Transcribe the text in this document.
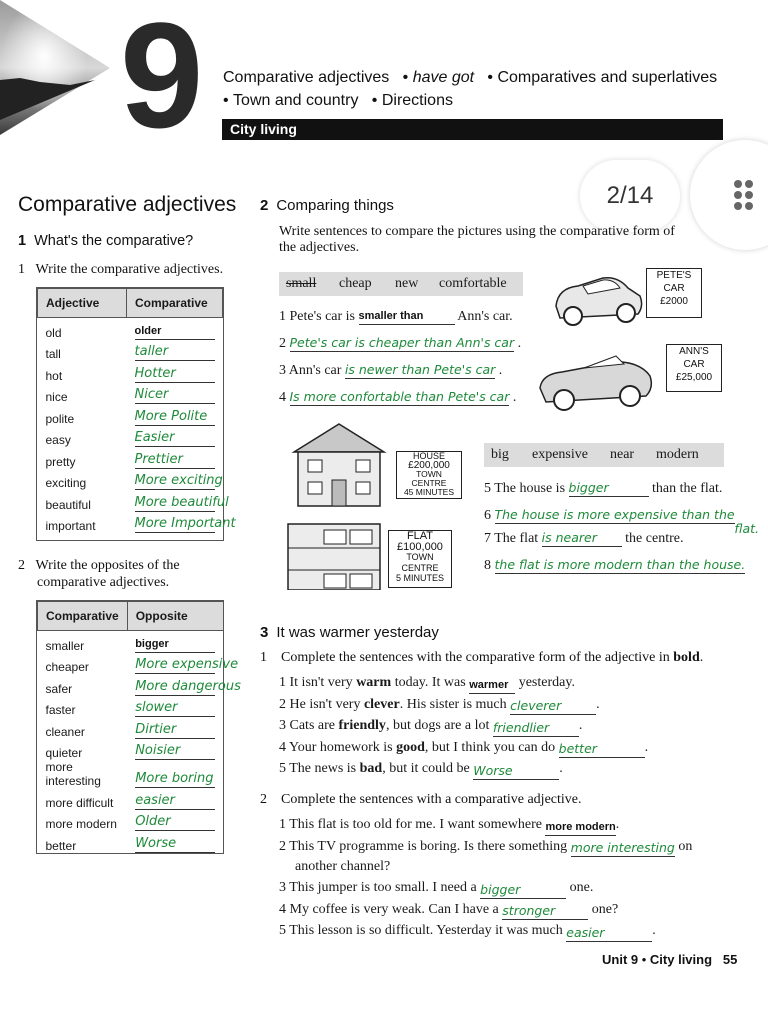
9 Comparative adjectives   • have got   • Comparatives and superlatives
• Town and country   • Directions
City living
2/14
Comparative adjectives
1 What's the comparative?
1 Write the comparative adjectives.
Adjective	Comparative
old	older
tall	taller
hot	Hotter
nice	Nicer
polite	More Polite
easy	Easier
pretty	Prettier
exciting	More exciting
beautiful	More beautiful
important	More Important
2 Write the opposites of the
comparative adjectives.
Comparative	Opposite
smaller	bigger
cheaper	More expensive
safer	More dangerous
faster	slower
cleaner	Dirtier
quieter	Noisier
more interesting	More boring
more difficult	easier
more modern	Older
better	Worse
2 Comparing things
Write sentences to compare the pictures using the comparative form of
the adjectives.
small cheap new comfortable
1 Pete's car is smaller than Ann's car.
2 Pete's car is cheaper than Ann's car .
3 Ann's car is newer than Pete's car .
4 Is more confortable than Pete's car .
PETE'S
CAR
£2000
ANN'S
CAR
£25,000
HOUSE
£200,000
TOWN
CENTRE
45 MINUTES
FLAT
£100,000
TOWN
CENTRE
5 MINUTES
big expensive near modern
5 The house is bigger	than the flat.
6 The house is more expensive than the
flat.
7 The flat is nearer the centre.
8 the flat is more modern than the house.
3 It was warmer yesterday
1 Complete the sentences with the comparative form of the adjective in bold.
1 It isn't very warm today. It was warmer yesterday.
2 He isn't very clever. His sister is much cleverer .
3 Cats are friendly, but dogs are a lot friendlier .
4 Your homework is good, but I think you can do better	.
5 The news is bad, but it could be Worse	.
2 Complete the sentences with a comparative adjective.
1 This flat is too old for me. I want somewhere more modern.
2 This TV programme is boring. Is there something more interesting on
another channel?
3 This jumper is too small. I need a bigger	one.
4 My coffee is very weak. Can I have a stronger one?
5 This lesson is so difficult. Yesterday it was much easier	.
Unit 9 • City living 55
